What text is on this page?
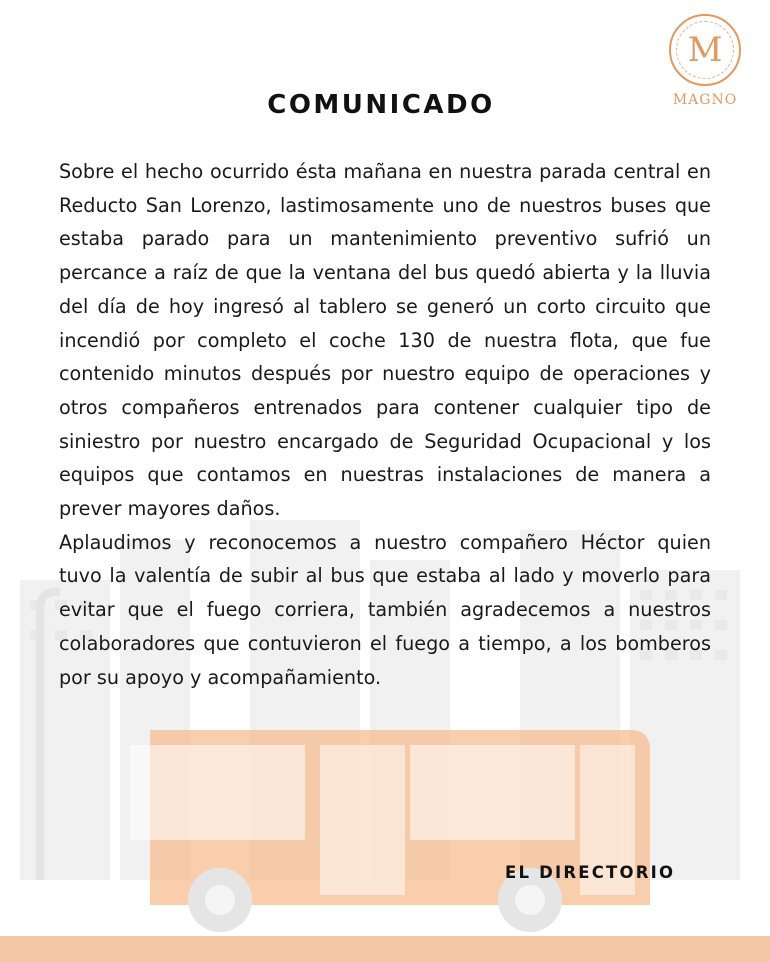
M
MAGNO
COMUNICADO

Sobre el hecho ocurrido ésta mañana en nuestra parada central en Reducto San Lorenzo, lastimosamente uno de nuestros buses que estaba parado para un mantenimiento preventivo sufrió un percance a raíz de que la ventana del bus quedó abierta y la lluvia del día de hoy ingresó al tablero se generó un corto circuito que incendió por completo el coche 130 de nuestra flota, que fue contenido minutos después por nuestro equipo de operaciones y otros compañeros entrenados para contener cualquier tipo de siniestro por nuestro encargado de Seguridad Ocupacional y los equipos que contamos en nuestras instalaciones de manera a prever mayores daños.

Aplaudimos y reconocemos a nuestro compañero Héctor quien tuvo la valentía de subir al bus que estaba al lado y moverlo para evitar que el fuego corriera, también agradecemos a nuestros colaboradores que contuvieron el fuego a tiempo, a los bomberos por su apoyo y acompañamiento.

EL DIRECTORIO
